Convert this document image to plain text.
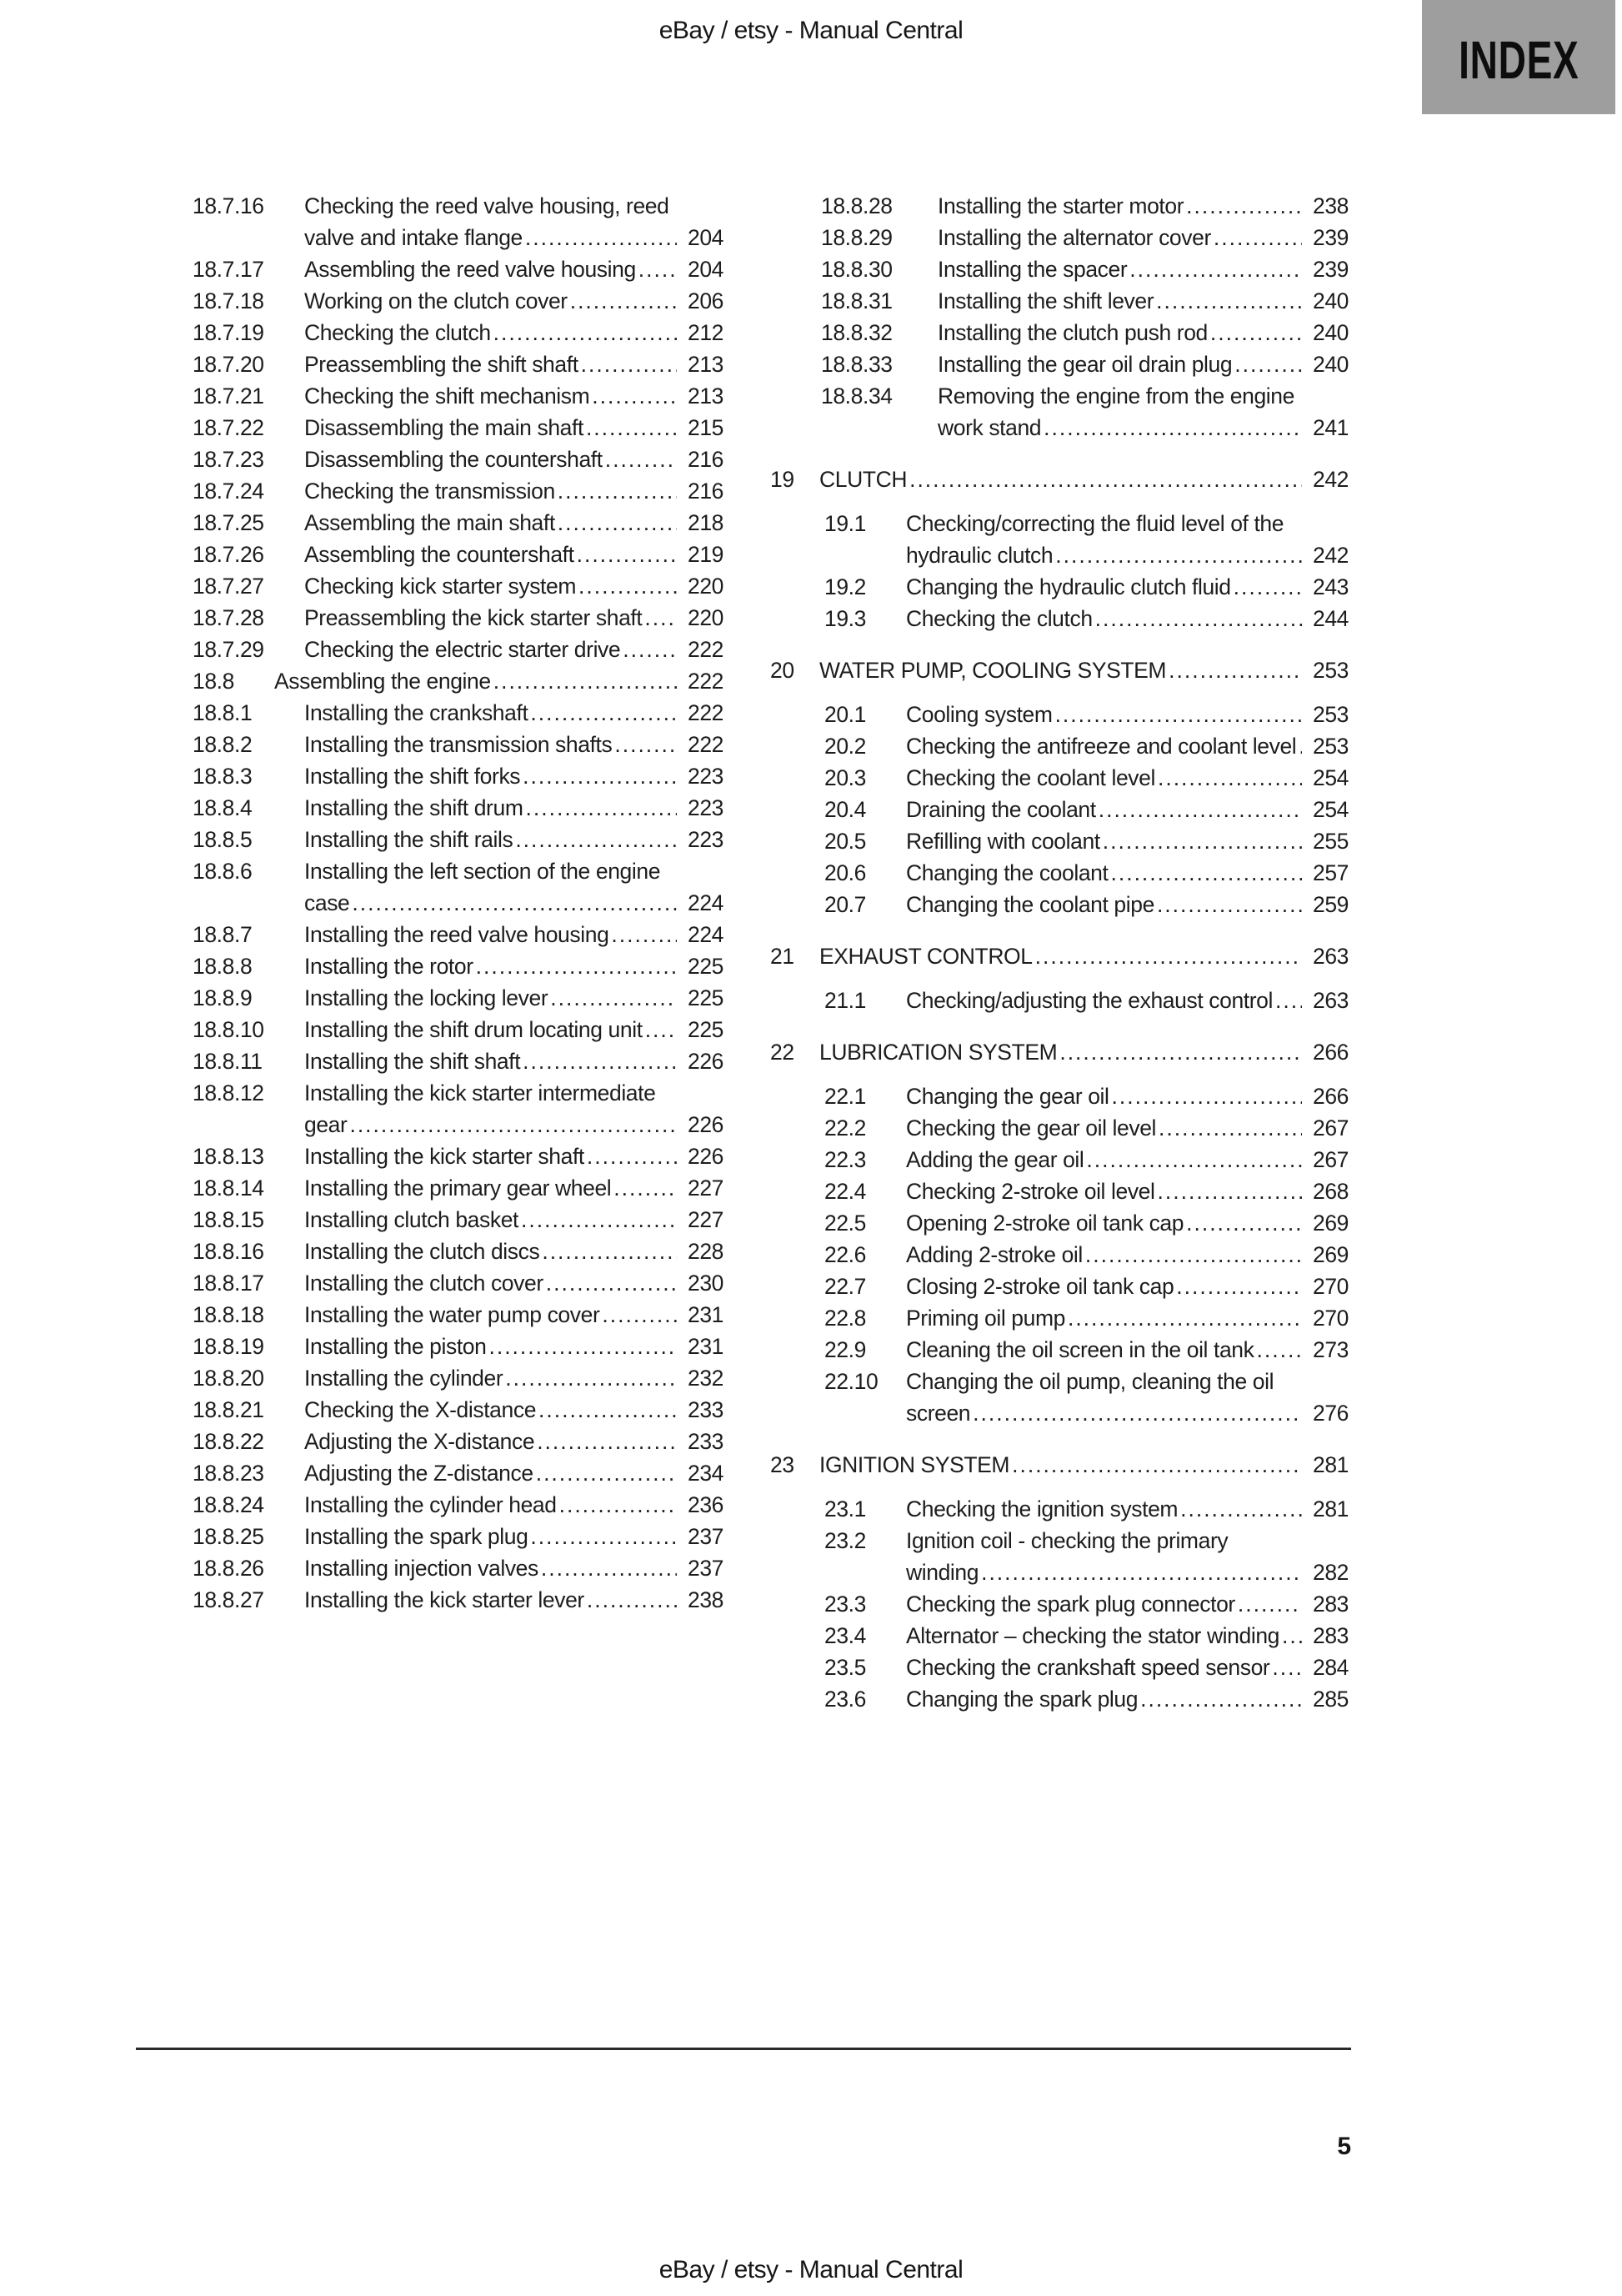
eBay / etsy - Manual Central	INDEX
18.7.16	Checking the reed valve housing, reed valve and intake flange .....	204
18.7.17	Assembling the reed valve housing .....	204
18.7.18	Working on the clutch cover .....	206
18.7.19	Checking the clutch .....	212
18.7.20	Preassembling the shift shaft .....	213
18.7.21	Checking the shift mechanism .....	213
18.7.22	Disassembling the main shaft .....	215
18.7.23	Disassembling the countershaft .....	216
18.7.24	Checking the transmission .....	216
18.7.25	Assembling the main shaft .....	218
18.7.26	Assembling the countershaft .....	219
18.7.27	Checking kick starter system .....	220
18.7.28	Preassembling the kick starter shaft .....	220
18.7.29	Checking the electric starter drive .....	222
18.8	Assembling the engine .....	222
18.8.1	Installing the crankshaft .....	222
18.8.2	Installing the transmission shafts .....	222
18.8.3	Installing the shift forks .....	223
18.8.4	Installing the shift drum .....	223
18.8.5	Installing the shift rails .....	223
18.8.6	Installing the left section of the engine case .....	224
18.8.7	Installing the reed valve housing .....	224
18.8.8	Installing the rotor .....	225
18.8.9	Installing the locking lever .....	225
18.8.10	Installing the shift drum locating unit .....	225
18.8.11	Installing the shift shaft .....	226
18.8.12	Installing the kick starter intermediate gear .....	226
18.8.13	Installing the kick starter shaft .....	226
18.8.14	Installing the primary gear wheel .....	227
18.8.15	Installing clutch basket .....	227
18.8.16	Installing the clutch discs .....	228
18.8.17	Installing the clutch cover .....	230
18.8.18	Installing the water pump cover .....	231
18.8.19	Installing the piston .....	231
18.8.20	Installing the cylinder .....	232
18.8.21	Checking the X-distance .....	233
18.8.22	Adjusting the X-distance .....	233
18.8.23	Adjusting the Z-distance .....	234
18.8.24	Installing the cylinder head .....	236
18.8.25	Installing the spark plug .....	237
18.8.26	Installing injection valves .....	237
18.8.27	Installing the kick starter lever .....	238
18.8.28	Installing the starter motor .....	238
18.8.29	Installing the alternator cover .....	239
18.8.30	Installing the spacer .....	239
18.8.31	Installing the shift lever .....	240
18.8.32	Installing the clutch push rod .....	240
18.8.33	Installing the gear oil drain plug .....	240
18.8.34	Removing the engine from the engine work stand .....	241
19	CLUTCH .....	242
19.1	Checking/correcting the fluid level of the hydraulic clutch .....	242
19.2	Changing the hydraulic clutch fluid .....	243
19.3	Checking the clutch .....	244
20	WATER PUMP, COOLING SYSTEM .....	253
20.1	Cooling system .....	253
20.2	Checking the antifreeze and coolant level ..... 253
20.3	Checking the coolant level .....	254
20.4	Draining the coolant .....	254
20.5	Refilling with coolant .....	255
20.6	Changing the coolant .....	257
20.7	Changing the coolant pipe .....	259
21	EXHAUST CONTROL .....	263
21.1	Checking/adjusting the exhaust control .....	263
22	LUBRICATION SYSTEM .....	266
22.1	Changing the gear oil .....	266
22.2	Checking the gear oil level .....	267
22.3	Adding the gear oil .....	267
22.4	Checking 2-stroke oil level .....	268
22.5	Opening 2-stroke oil tank cap .....	269
22.6	Adding 2-stroke oil .....	269
22.7	Closing 2-stroke oil tank cap .....	270
22.8	Priming oil pump .....	270
22.9	Cleaning the oil screen in the oil tank .....	273
22.10	Changing the oil pump, cleaning the oil screen .....	276
23	IGNITION SYSTEM .....	281
23.1	Checking the ignition system .....	281
23.2	Ignition coil - checking the primary winding .....	282
23.3	Checking the spark plug connector .....	283
23.4	Alternator – checking the stator winding .....	283
23.5	Checking the crankshaft speed sensor .....	284
23.6	Changing the spark plug .....	285
5
eBay / etsy - Manual Central
